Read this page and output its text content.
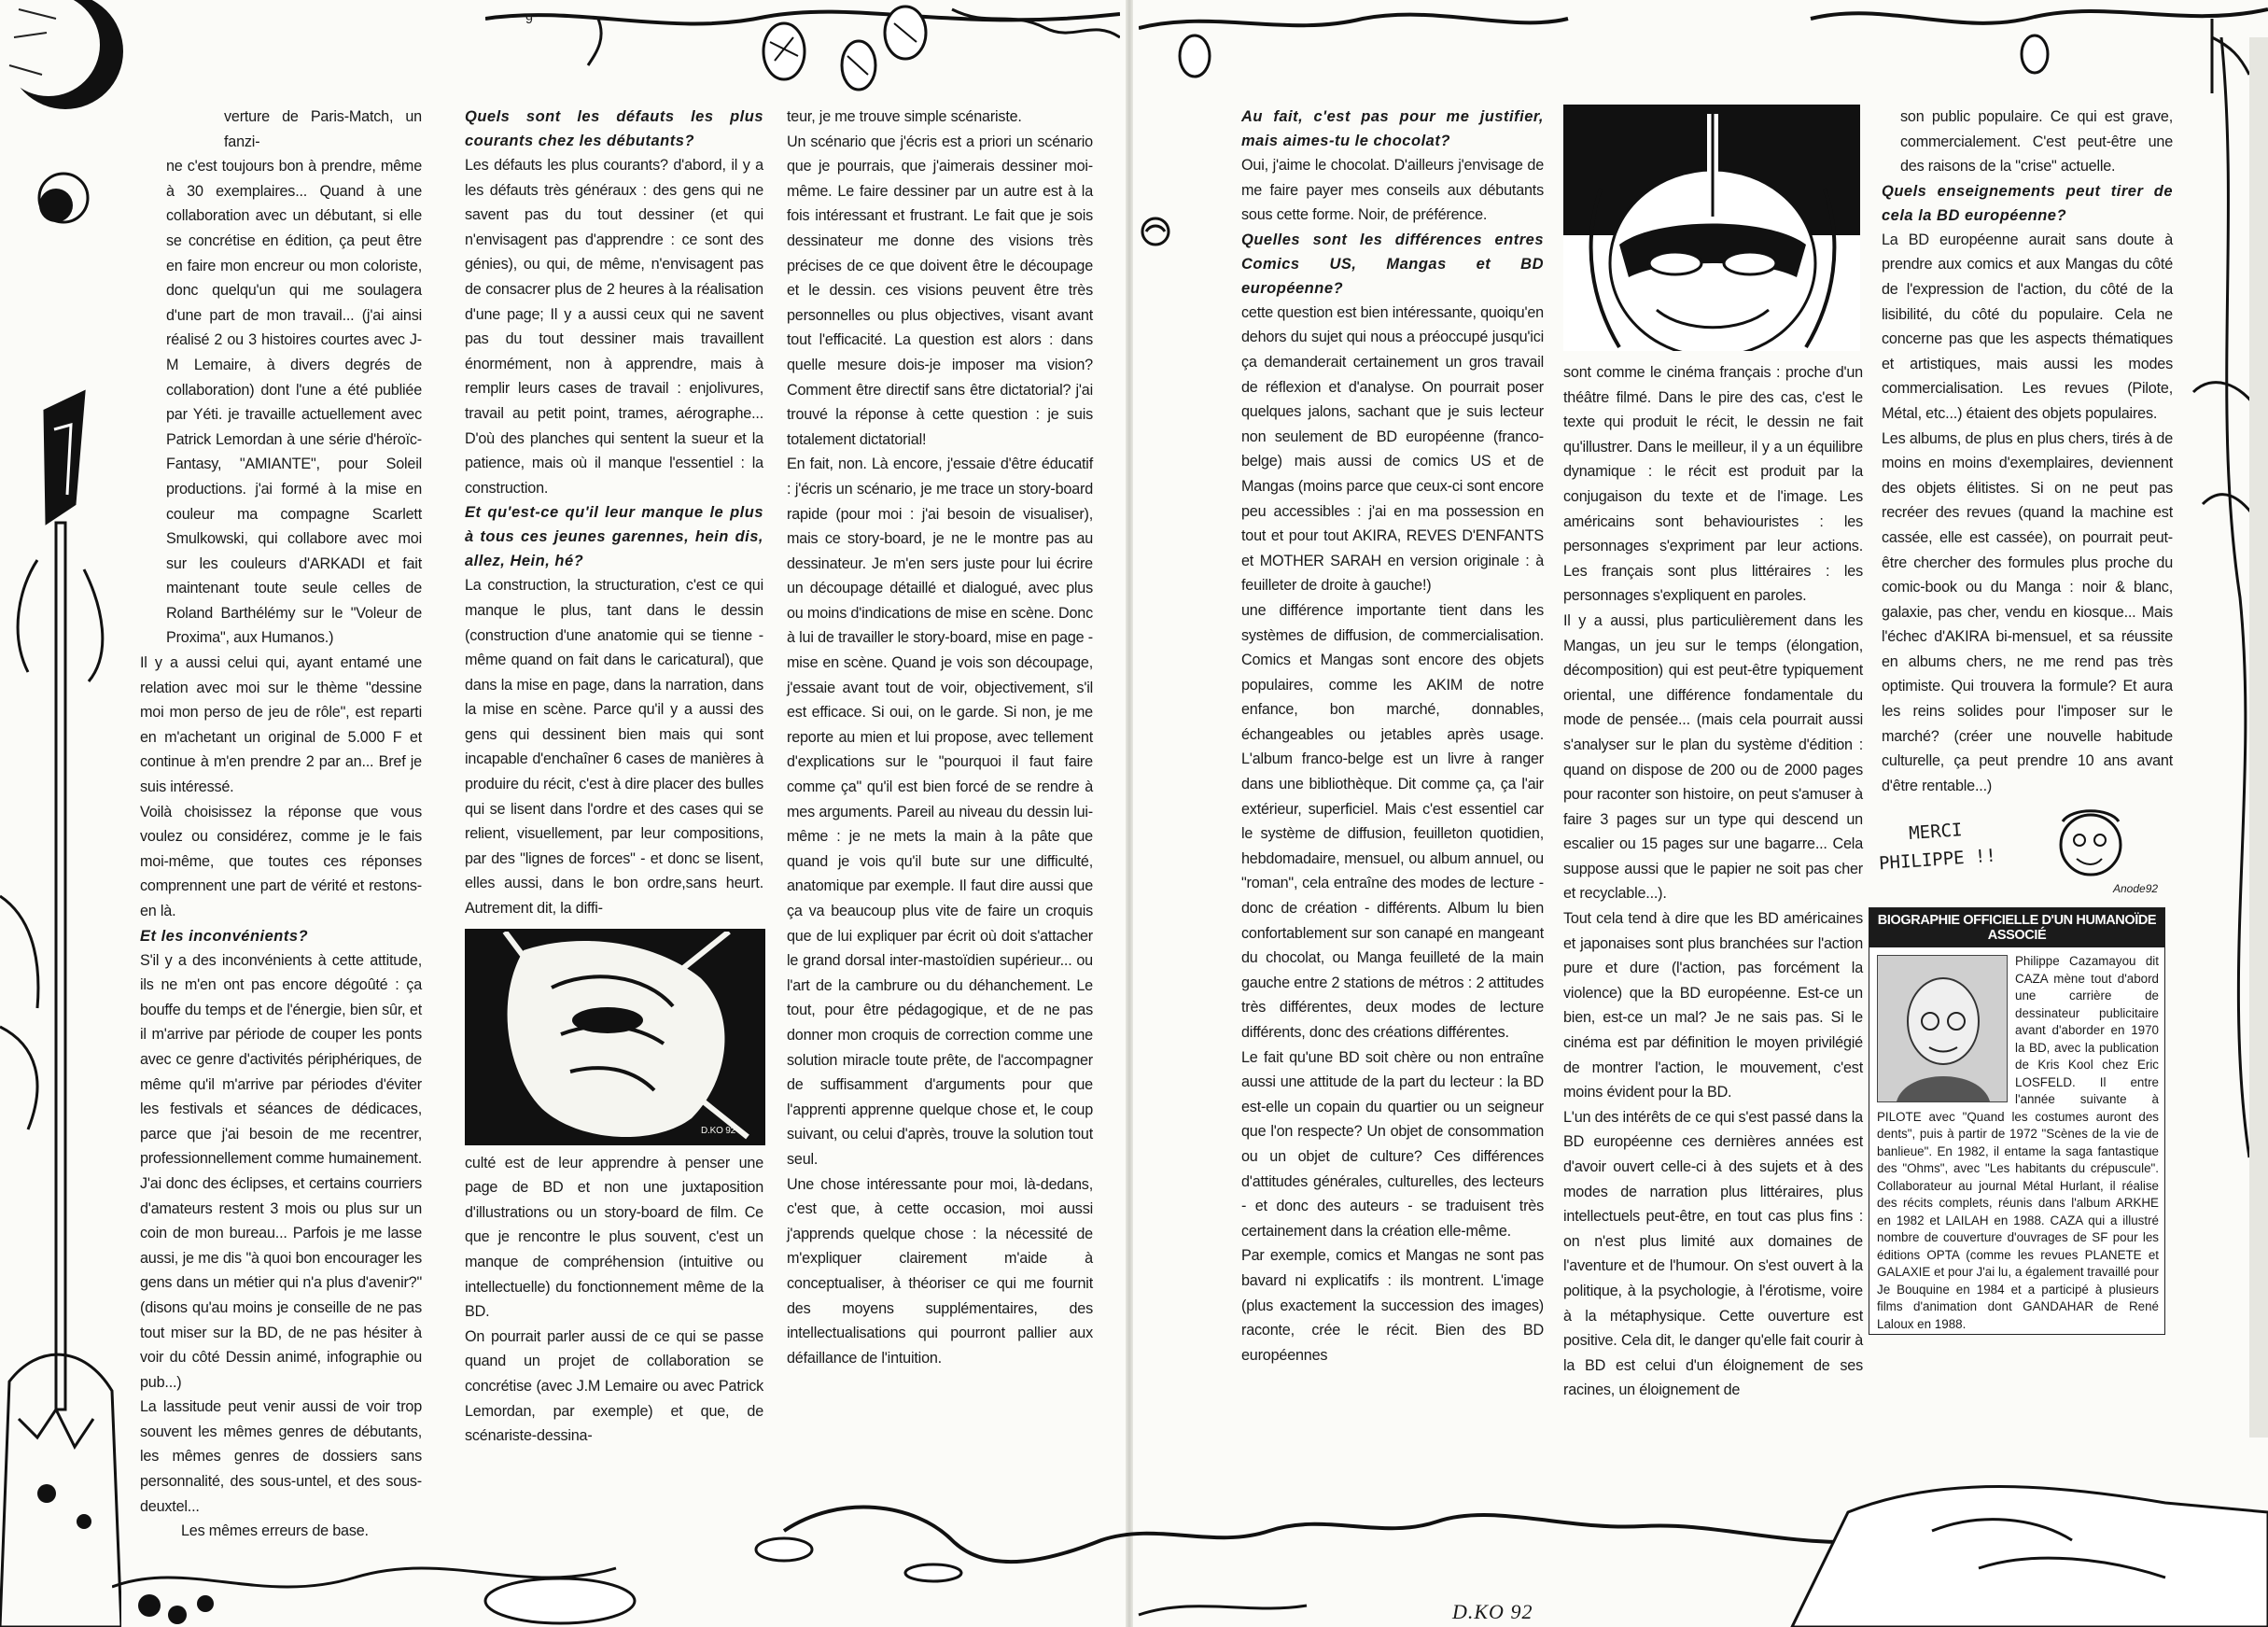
9

verture de Paris-Match, un fanzi-

ne c'est toujours bon à prendre, même à 30 exemplaires... Quand à une collaboration avec un débutant, si elle se concrétise en édition, ça peut être en faire mon encreur ou mon coloriste, donc quelqu'un qui me soulagera d'une part de mon travail... (j'ai ainsi réalisé 2 ou 3 histoires courtes avec J-M Lemaire, à divers degrés de collaboration) dont l'une a été publiée par Yéti. je travaille actuellement avec Patrick Lemordan à une série d'héroïc-Fantasy, "AMIANTE", pour Soleil productions. j'ai formé à la mise en couleur ma compagne Scarlett Smulkowski, qui collabore avec moi sur les couleurs d'ARKADI et fait maintenant toute seule celles de Roland Barthélémy sur le "Voleur de Proxima", aux Humanos.)

Il y a aussi celui qui, ayant entamé une relation avec moi sur le thème "dessine moi mon perso de jeu de rôle", est reparti en m'achetant un original de 5.000 F et continue à m'en prendre 2 par an... Bref je suis intéressé.

Voilà choisissez la réponse que vous voulez ou considérez, comme je le fais moi-même, que toutes ces réponses comprennent une part de vérité et restons-en là.

Et les inconvénients?

S'il y a des inconvénients à cette attitude, ils ne m'en ont pas encore dégoûté : ça bouffe du temps et de l'énergie, bien sûr, et il m'arrive par période de couper les ponts avec ce genre d'activités périphériques, de même qu'il m'arrive par périodes d'éviter les festivals et séances de dédicaces, parce que j'ai besoin de me recentrer, professionnellement comme humainement. J'ai donc des éclipses, et certains courriers d'amateurs restent 3 mois ou plus sur un coin de mon bureau... Parfois je me lasse aussi, je me dis "à quoi bon encourager les gens dans un métier qui n'a plus d'avenir?" (disons qu'au moins je conseille de ne pas tout miser sur la BD, de ne pas hésiter à voir du côté Dessin animé, infographie ou pub...)

La lassitude peut venir aussi de voir trop souvent les mêmes genres de débutants, les mêmes genres de dossiers sans personnalité, des sous-untel, et des sous-deuxtel...

Les mêmes erreurs de base.

Quels sont les défauts les plus courants chez les débutants?

Les défauts les plus courants? d'abord, il y a les défauts très généraux : des gens qui ne savent pas du tout dessiner (et qui n'envisagent pas d'apprendre : ce sont des génies), ou qui, de même, n'envisagent pas de consacrer plus de 2 heures à la réalisation d'une page; Il y a aussi ceux qui ne savent pas du tout dessiner mais travaillent énormément, non à apprendre, mais à remplir leurs cases de travail : enjolivures, travail au petit point, trames, aérographe... D'où des planches qui sentent la sueur et la patience, mais où il manque l'essentiel : la construction.

Et qu'est-ce qu'il leur manque le plus à tous ces jeunes garennes, hein dis, allez, Hein, hé?

La construction, la structuration, c'est ce qui manque le plus, tant dans le dessin (construction d'une anatomie qui se tienne - même quand on fait dans le caricatural), que dans la mise en page, dans la narration, dans la mise en scène. Parce qu'il y a aussi des gens qui dessinent bien mais qui sont incapable d'enchaîner 6 cases de manières à produire du récit, c'est à dire placer des bulles qui se lisent dans l'ordre et des cases qui se relient, visuellement, par leur compositions, par des "lignes de forces" - et donc se lisent, elles aussi, dans le bon ordre,sans heurt. Autrement dit, la diffi-

D.KO 92

culté est de leur apprendre à penser une page de BD et non une juxtaposition d'illustrations ou un story-board de film. Ce que je rencontre le plus souvent, c'est un manque de compréhension (intuitive ou intellectuelle) du fonctionnement même de la BD.

On pourrait parler aussi de ce qui se passe quand un projet de collaboration se concrétise (avec J.M Lemaire ou avec Patrick Lemordan, par exemple) et que, de scénariste-dessina-

teur, je me trouve simple scénariste.

Un scénario que j'écris est a priori un scénario que je pourrais, que j'aimerais dessiner moi-même. Le faire dessiner par un autre est à la fois intéressant et frustrant. Le fait que je sois dessinateur me donne des visions très précises de ce que doivent être le découpage et le dessin. ces visions peuvent être très personnelles ou plus objectives, visant avant tout l'efficacité. La question est alors : dans quelle mesure dois-je imposer ma vision? Comment être directif sans être dictatorial? j'ai trouvé la réponse à cette question : je suis totalement dictatorial!

En fait, non. Là encore, j'essaie d'être éducatif : j'écris un scénario, je me trace un story-board rapide (pour moi : j'ai besoin de visualiser), mais ce story-board, je ne le montre pas au dessinateur. Je m'en sers juste pour lui écrire un découpage détaillé et dialogué, avec plus ou moins d'indications de mise en scène. Donc à lui de travailler le story-board, mise en page - mise en scène. Quand je vois son découpage, j'essaie avant tout de voir, objectivement, s'il est efficace. Si oui, on le garde. Si non, je me reporte au mien et lui propose, avec tellement d'explications sur le "pourquoi il faut faire comme ça" qu'il est bien forcé de se rendre à mes arguments. Pareil au niveau du dessin lui-même : je ne mets la main à la pâte que quand je vois qu'il bute sur une difficulté, anatomique par exemple. Il faut dire aussi que ça va beaucoup plus vite de faire un croquis que de lui expliquer par écrit où doit s'attacher le grand dorsal inter-mastoïdien supérieur... ou l'art de la cambrure ou du déhanchement. Le tout, pour être pédagogique, et de ne pas donner mon croquis de correction comme une solution miracle toute prête, de l'accompagner de suffisamment d'arguments pour que l'apprenti apprenne quelque chose et, le coup suivant, ou celui d'après, trouve la solution tout seul.

Une chose intéressante pour moi, là-dedans, c'est que, à cette occasion, moi aussi j'apprends quelque chose : la nécessité de m'expliquer clairement m'aide à conceptualiser, à théoriser ce qui me fournit des moyens supplémentaires, des intellectualisations qui pourront pallier aux défaillance de l'intuition.

D.KO 92

Au fait, c'est pas pour me justifier, mais aimes-tu le chocolat?

Oui, j'aime le chocolat. D'ailleurs j'envisage de me faire payer mes conseils aux débutants sous cette forme. Noir, de préférence.

Quelles sont les différences entres Comics US, Mangas et BD européenne?

cette question est bien intéressante, quoiqu'en dehors du sujet qui nous a préoccupé jusqu'ici ça demanderait certainement un gros travail de réflexion et d'analyse. On pourrait poser quelques jalons, sachant que je suis lecteur non seulement de BD européenne (franco-belge) mais aussi de comics US et de Mangas (moins parce que ceux-ci sont encore peu accessibles : j'ai en ma possession en tout et pour tout AKIRA, REVES D'ENFANTS et MOTHER SARAH en version originale : à feuilleter de droite à gauche!)

une différence importante tient dans les systèmes de diffusion, de commercialisation. Comics et Mangas sont encore des objets populaires, comme les AKIM de notre enfance, bon marché, donnables, échangeables ou jetables après usage. L'album franco-belge est un livre à ranger dans une bibliothèque. Dit comme ça, ça l'air extérieur, superficiel. Mais c'est essentiel car le système de diffusion, feuilleton quotidien, hebdomadaire, mensuel, ou album annuel, ou "roman", cela entraîne des modes de lecture - donc de création - différents. Album lu bien confortablement sur son canapé en mangeant du chocolat, ou Manga feuilleté de la main gauche entre 2 stations de métros : 2 attitudes très différentes, deux modes de lecture différents, donc des créations différentes.

Le fait qu'une BD soit chère ou non entraîne aussi une attitude de la part du lecteur : la BD est-elle un copain du quartier ou un seigneur que l'on respecte? Un objet de consommation ou un objet de culture? Ces différences d'attitudes générales, culturelles, des lecteurs - et donc des auteurs - se traduisent très certainement dans la création elle-même.

Par exemple, comics et Mangas ne sont pas bavard ni explicatifs : ils montrent. L'image (plus exactement la succession des images) raconte, crée le récit. Bien des BD européennes

sont comme le cinéma français : proche d'un théâtre filmé. Dans le pire des cas, c'est le texte qui produit le récit, le dessin ne fait qu'illustrer. Dans le meilleur, il y a un équilibre dynamique : le récit est produit par la conjugaison du texte et de l'image. Les américains sont behaviouristes : les personnages s'expriment par leur actions. Les français sont plus littéraires : les personnages s'expliquent en paroles.

Il y a aussi, plus particulièrement dans les Mangas, un jeu sur le temps (élongation, décomposition) qui est peut-être typiquement oriental, une différence fondamentale du mode de pensée... (mais cela pourrait aussi s'analyser sur le plan du système d'édition : quand on dispose de 200 ou de 2000 pages pour raconter son histoire, on peut s'amuser à faire 3 pages sur un type qui descend un escalier ou 15 pages sur une bagarre... Cela suppose aussi que le papier ne soit pas cher et recyclable...).

Tout cela tend à dire que les BD américaines et japonaises sont plus branchées sur l'action pure et dure (l'action, pas forcément la violence) que la BD européenne. Est-ce un bien, est-ce un mal? Je ne sais pas. Si le cinéma est par définition le moyen privilégié de montrer l'action, le mouvement, c'est moins évident pour la BD.

L'un des intérêts de ce qui s'est passé dans la BD européenne ces dernières années est d'avoir ouvert celle-ci à des sujets et à des modes de narration plus littéraires, plus intellectuels peut-être, en tout cas plus fins : on n'est plus limité aux domaines de l'aventure et de l'humour. On s'est ouvert à la politique, à la psychologie, à l'érotisme, voire à la métaphysique. Cette ouverture est positive. Cela dit, le danger qu'elle fait courir à la BD est celui d'un éloignement de ses racines, un éloignement de

son public populaire. Ce qui est grave, commercialement. C'est peut-être une des raisons de la "crise" actuelle.

Quels enseignements peut tirer de cela la BD européenne?

La BD européenne aurait sans doute à prendre aux comics et aux Mangas du côté de l'expression de l'action, du côté de la lisibilité, du côté du populaire. Cela ne concerne pas que les aspects thématiques et artistiques, mais aussi les modes commercialisation. Les revues (Pilote, Métal, etc...) étaient des objets populaires.

Les albums, de plus en plus chers, tirés à de moins en moins d'exemplaires, deviennent des objets élitistes. Si on ne peut pas recréer des revues (quand la machine est cassée, elle est cassée), on pourrait peut-être chercher des formules plus proche du comic-book ou du Manga : noir & blanc, galaxie, pas cher, vendu en kiosque... Mais l'échec d'AKIRA bi-mensuel, et sa réussite en albums chers, ne me rend pas très optimiste. Qui trouvera la formule? Et aura les reins solides pour l'imposer sur le marché? (créer une nouvelle habitude culturelle, ça peut prendre 10 ans avant d'être rentable...)

MERCI
PHILIPPE !!
Anode92
BIOGRAPHIE OFFICIELLE D'UN HUMANOÏDE ASSOCIÉ
Philippe Cazamayou dit CAZA mène tout d'abord une carrière de dessinateur publicitaire avant d'aborder en 1970 la BD, avec la publication de Kris Kool chez Eric LOSFELD. Il entre l'année suivante à PILOTE avec "Quand les costumes auront des dents", puis à partir de 1972 "Scènes de la vie de banlieue". En 1982, il entame la saga fantastique des "Ohms", avec "Les habitants du crépuscule". Collaborateur au journal Métal Hurlant, il réalise des récits complets, réunis dans l'album ARKHE en 1982 et LAILAH en 1988. CAZA qui a illustré nombre de couverture d'ouvrages de SF pour les éditions OPTA (comme les revues PLANETE et GALAXIE et pour J'ai lu, a également travaillé pour Je Bouquine en 1984 et a participé à plusieurs films d'animation dont GANDAHAR de René Laloux en 1988.
